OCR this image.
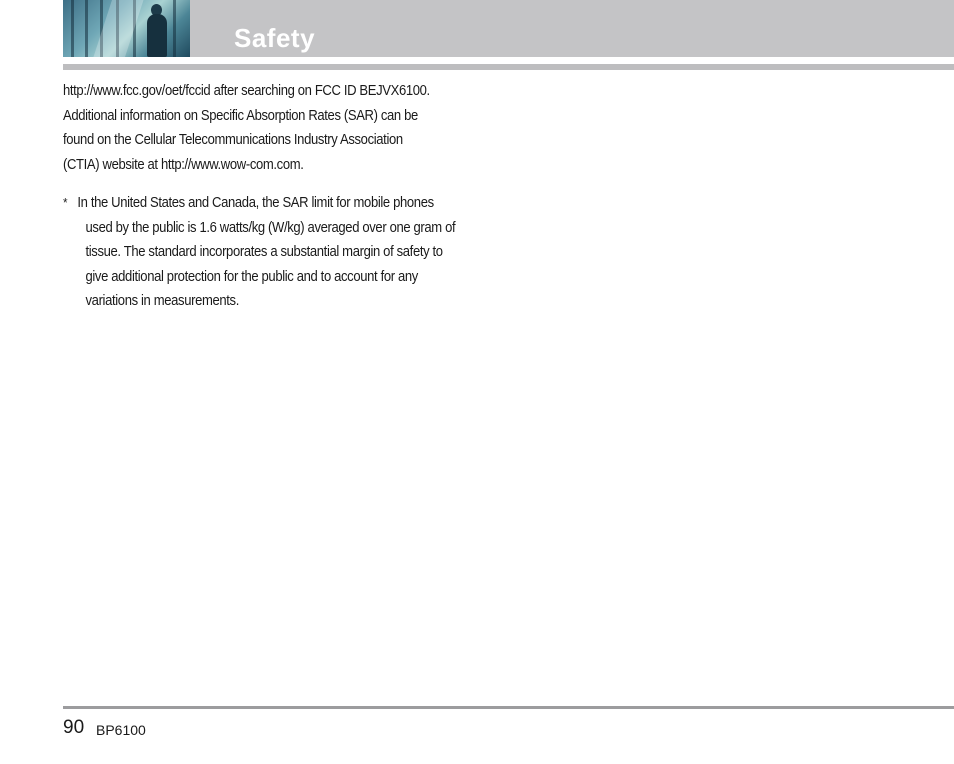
Safety

http://www.fcc.gov/oet/fccid after searching on FCC ID BEJVX6100. Additional information on Specific Absorption Rates (SAR) can be found on the Cellular Telecommunications Industry Association (CTIA) website at http://www.wow-com.com.

* In the United States and Canada, the SAR limit for mobile phones used by the public is 1.6 watts/kg (W/kg) averaged over one gram of tissue. The standard incorporates a substantial margin of safety to give additional protection for the public and to account for any variations in measurements.

90 BP6100
